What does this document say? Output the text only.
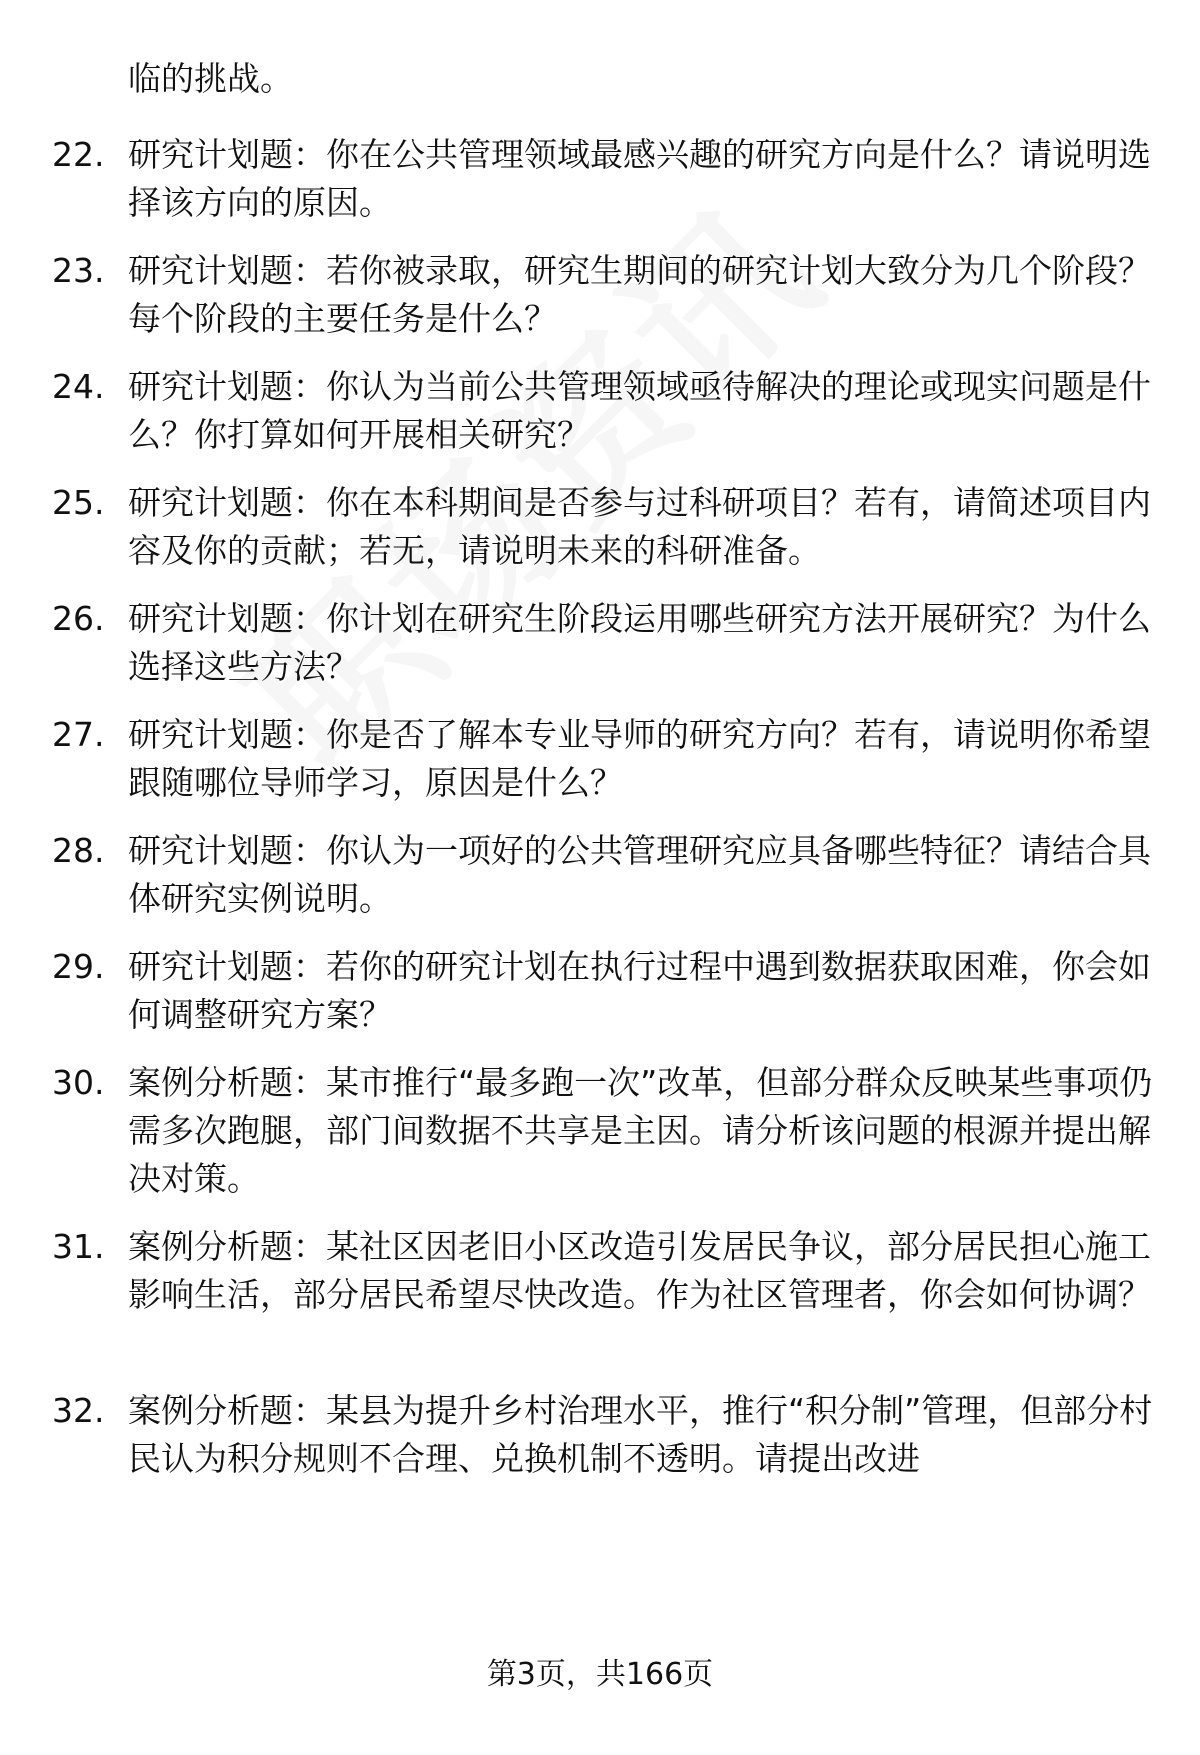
临的挑战。
22. 研究计划题：你在公共管理领域最感兴趣的研究方向是什么？请说明选择该方向的原因。
23. 研究计划题：若你被录取，研究生期间的研究计划大致分为几个阶段？每个阶段的主要任务是什么？
24. 研究计划题：你认为当前公共管理领域亟待解决的理论或现实问题是什么？你打算如何开展相关研究？
25. 研究计划题：你在本科期间是否参与过科研项目？若有，请简述项目内容及你的贡献；若无，请说明未来的科研准备。
26. 研究计划题：你计划在研究生阶段运用哪些研究方法开展研究？为什么选择这些方法？
27. 研究计划题：你是否了解本专业导师的研究方向？若有，请说明你希望跟随哪位导师学习，原因是什么？
28. 研究计划题：你认为一项好的公共管理研究应具备哪些特征？请结合具体研究实例说明。
29. 研究计划题：若你的研究计划在执行过程中遇到数据获取困难，你会如何调整研究方案？
30. 案例分析题：某市推行“最多跑一次”改革，但部分群众反映某些事项仍需多次跑腿，部门间数据不共享是主因。请分析该问题的根源并提出解决对策。
31. 案例分析题：某社区因老旧小区改造引发居民争议，部分居民担心施工影响生活，部分居民希望尽快改造。作为社区管理者，你会如何协调？
32. 案例分析题：某县为提升乡村治理水平，推行“积分制”管理，但部分村民认为积分规则不合理、兑换机制不透明。请提出改进
第3页，共166页
